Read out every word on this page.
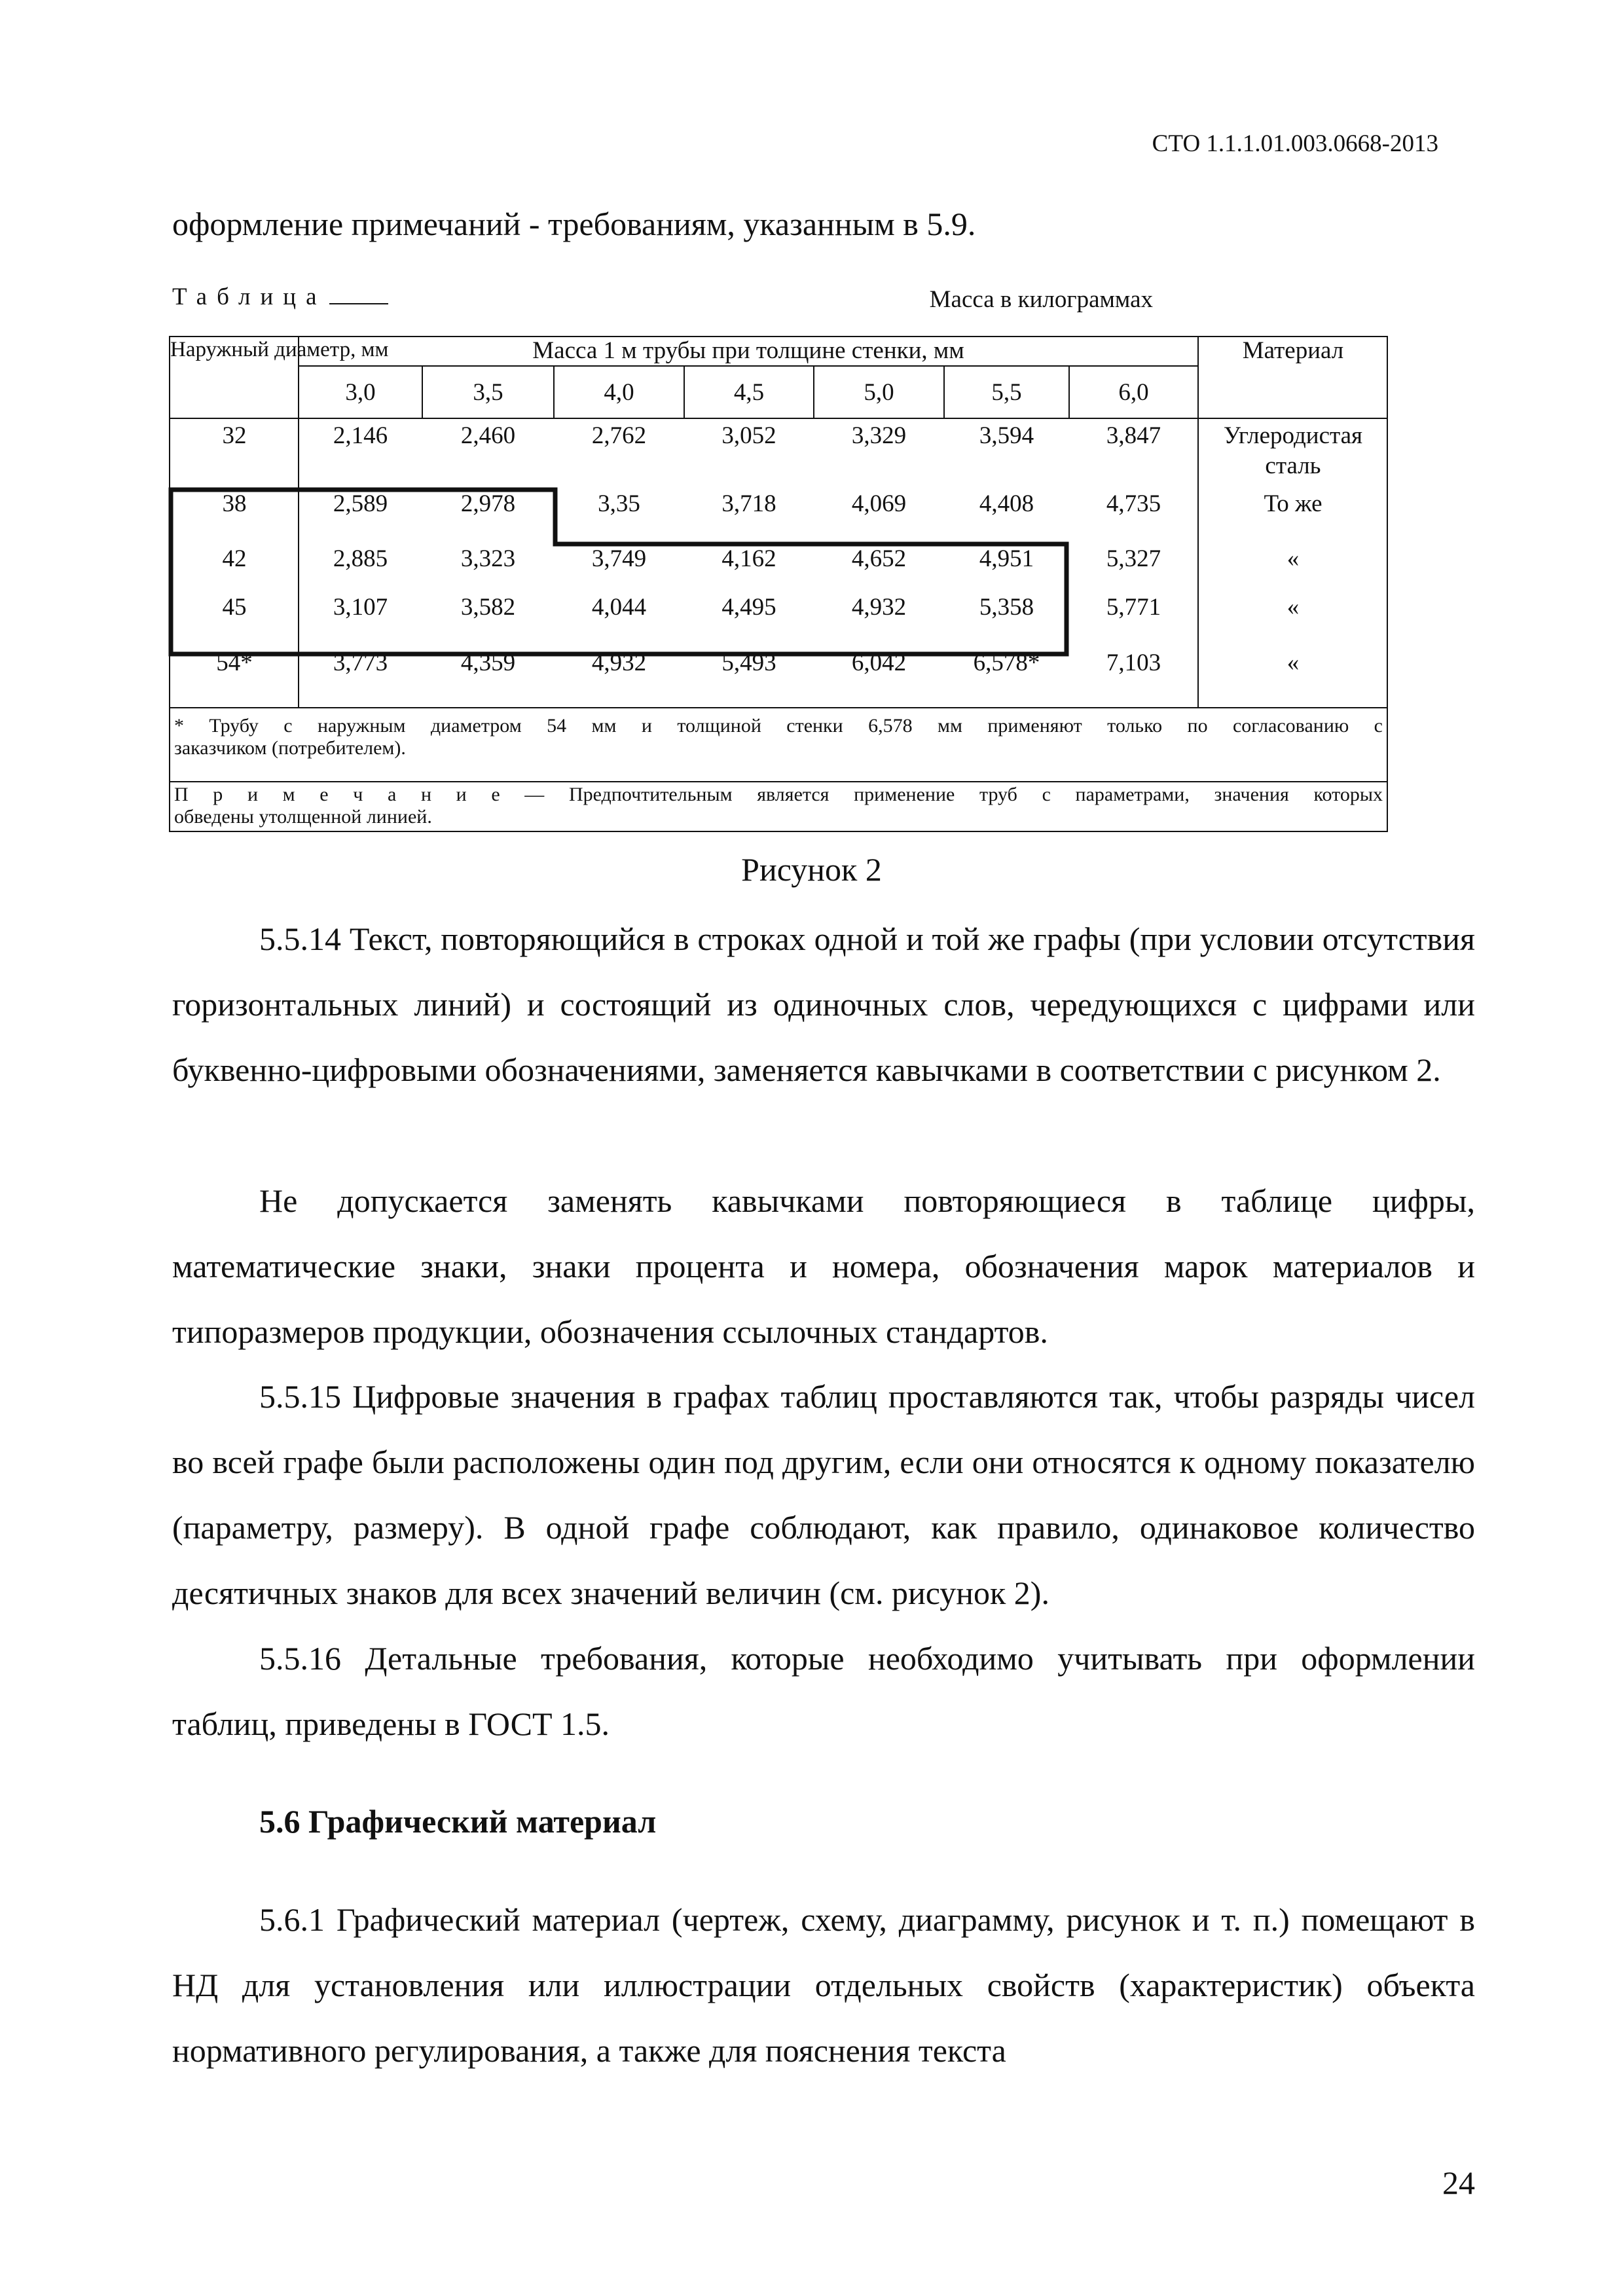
СТО 1.1.1.01.003.0668-2013
оформление примечаний - требованиям, указанным в 5.9.
Таблица	Масса в килограммах
Наружный диаметр, мм	Масса 1 м трубы при толщине стенки, мм	Материал
3,0	3,5	4,0	4,5	5,0	5,5	6,0
32	2,146	2,460	2,762	3,052	3,329	3,594	3,847	Углеродистая сталь
38	2,589	2,978	3,35	3,718	4,069	4,408	4,735	То же
42	2,885	3,323	3,749	4,162	4,652	4,951	5,327	«
45	3,107	3,582	4,044	4,495	4,932	5,358	5,771	«
54*	3,773	4,359	4,932	5,493	6,042	6,578*	7,103	«
* Трубу с наружным диаметром 54 мм и толщиной стенки 6,578 мм применяют только по согласованию с
заказчиком (потребителем).
П р и м е ч а н и е — Предпочтительным является применение труб с параметрами, значения которых
обведены утолщенной линией.
Рисунок 2

5.5.14 Текст, повторяющийся в строках одной и той же графы (при условии отсутствия горизонтальных линий) и состоящий из одиночных слов, чередующихся с цифрами или буквенно-цифровыми обозначениями, заменяется кавычками в соответствии с рисунком 2.

Не допускается заменять кавычками повторяющиеся в таблице цифры, математические знаки, знаки процента и номера, обозначения марок материалов и типоразмеров продукции, обозначения ссылочных стандартов.

5.5.15 Цифровые значения в графах таблиц проставляются так, чтобы разряды чисел во всей графе были расположены один под другим, если они относятся к одному показателю (параметру, размеру). В одной графе соблюдают, как правило, одинаковое количество десятичных знаков для всех значений величин (см. рисунок 2).

5.5.16 Детальные требования, которые необходимо учитывать при оформлении таблиц, приведены в ГОСТ 1.5.

5.6 Графический материал

5.6.1 Графический материал (чертеж, схему, диаграмму, рисунок и т. п.) помещают в НД для установления или иллюстрации отдельных свойств (характеристик) объекта нормативного регулирования, а также для пояснения текста

24
